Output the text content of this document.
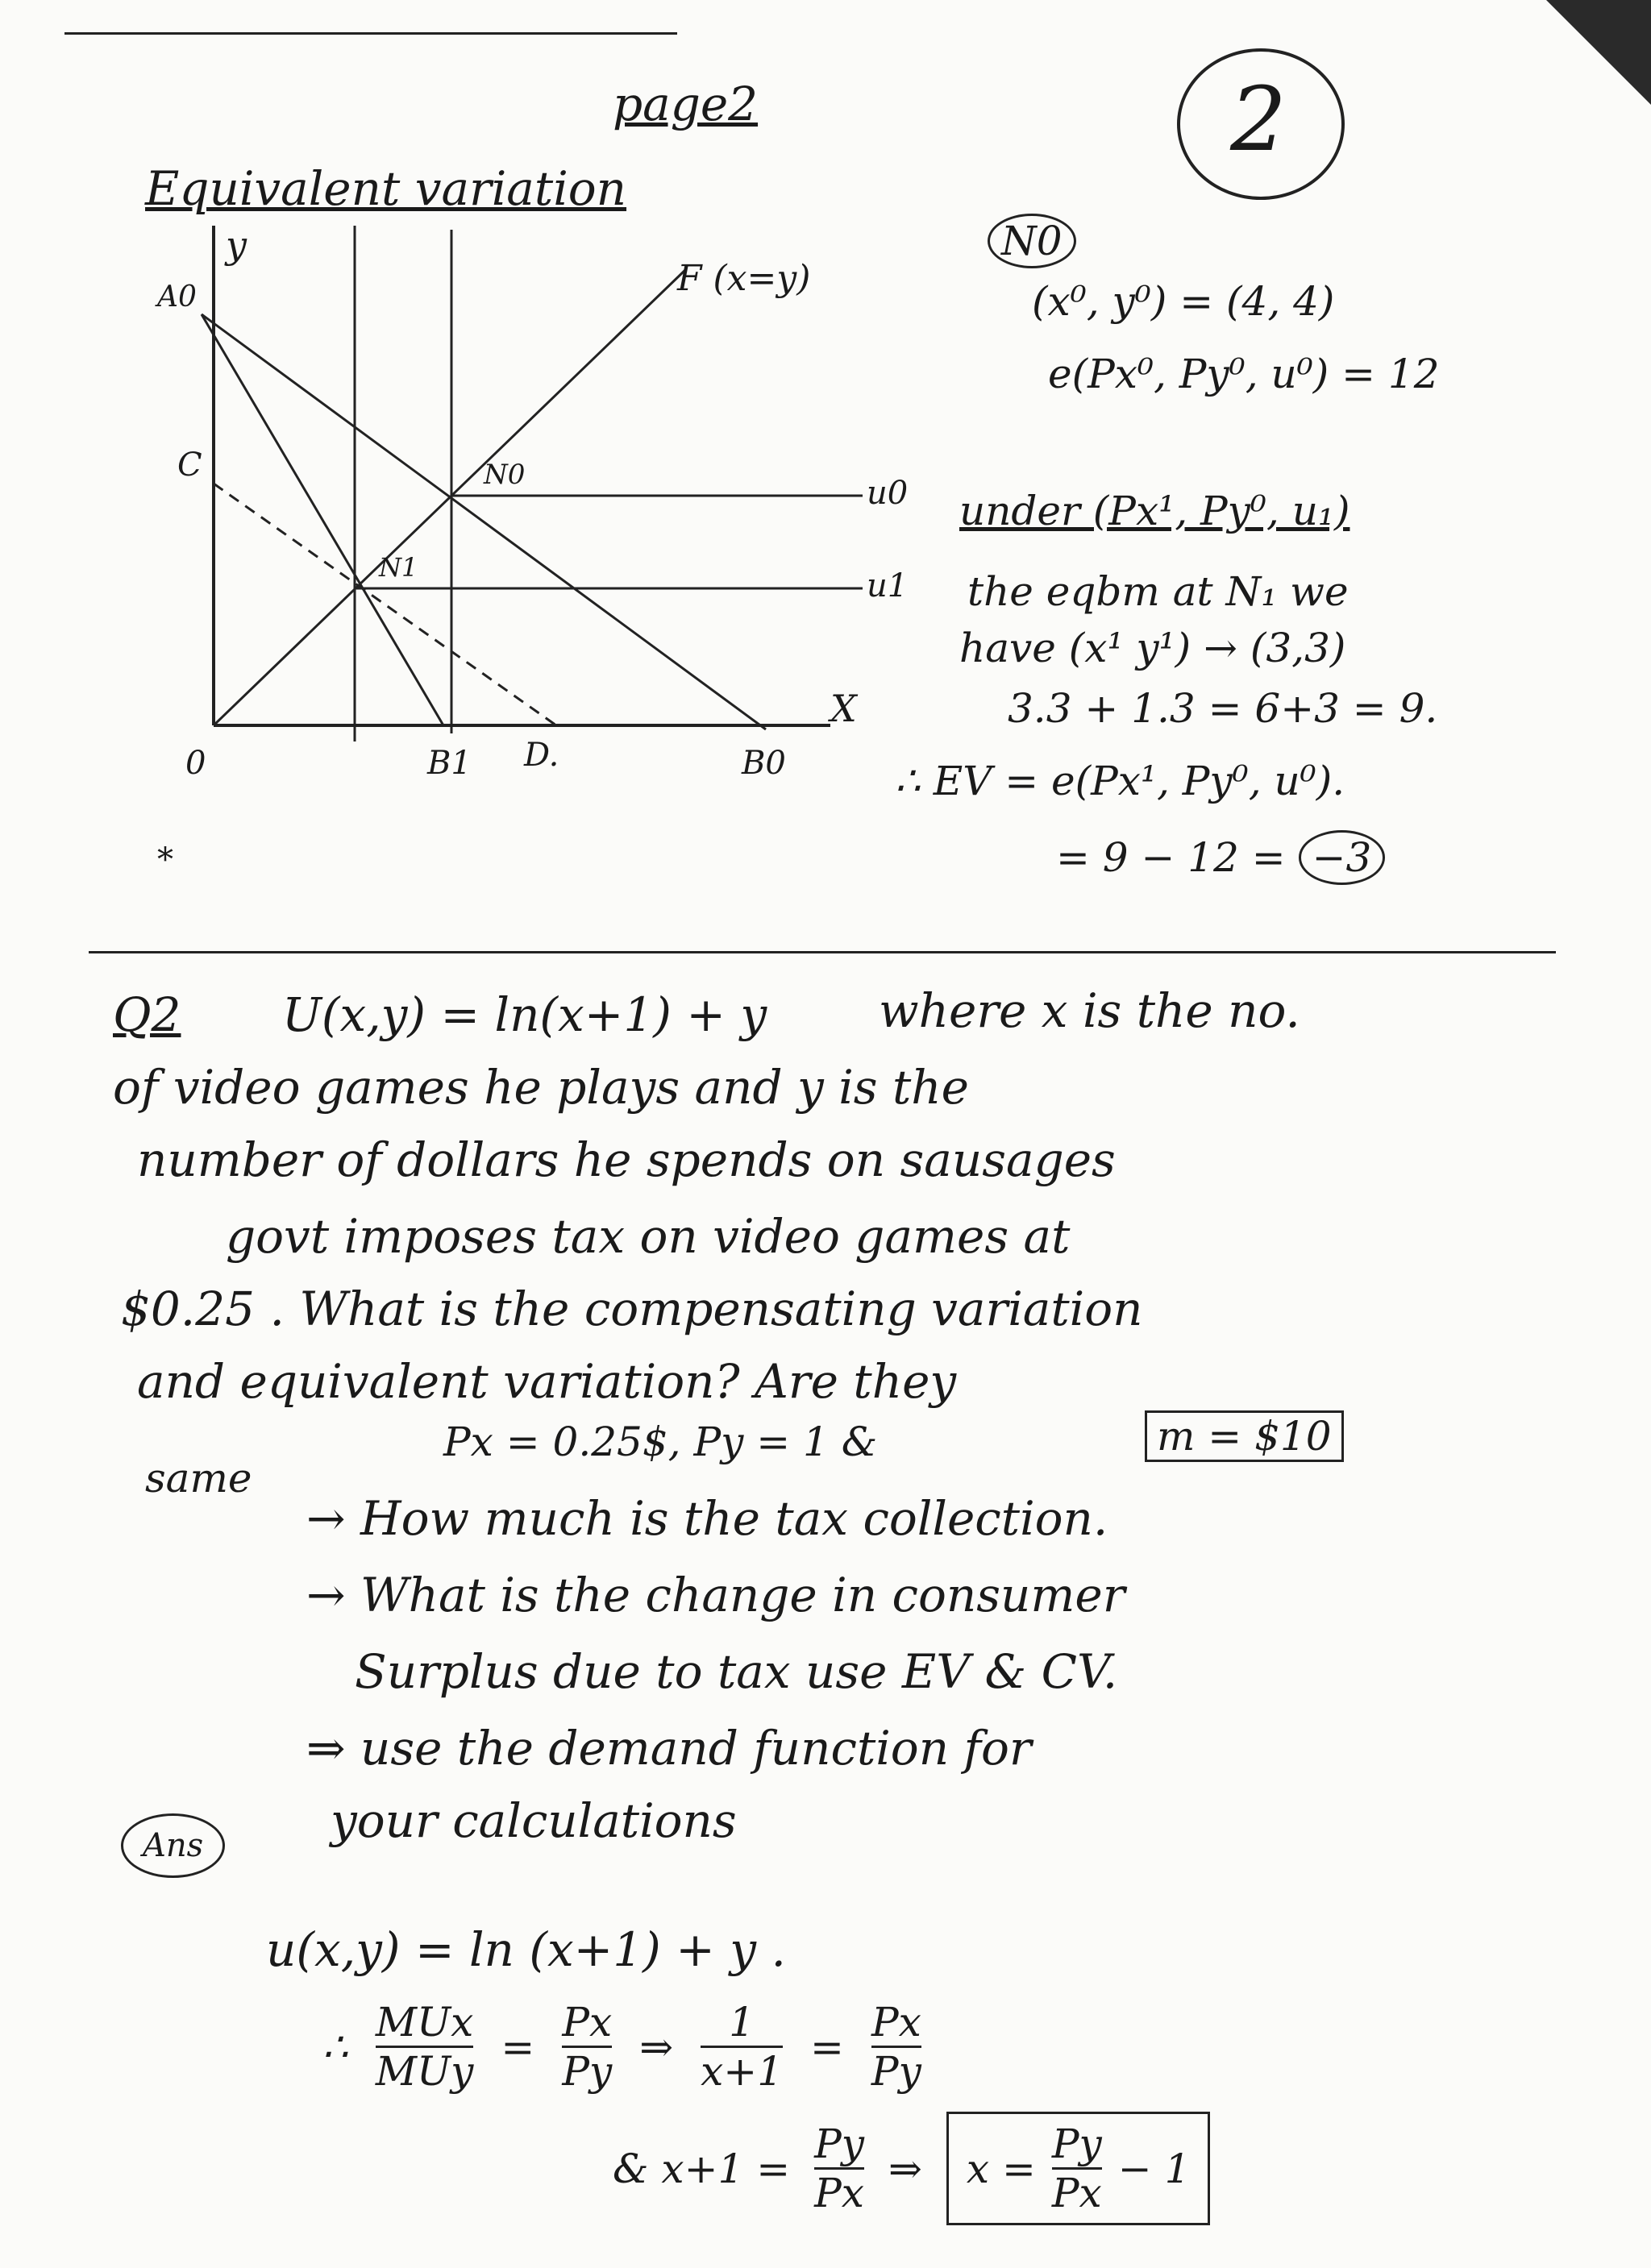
page2	2
Equivalent variation
y
X
F (x=y)
A0
C	N0
N1
u0
u1
0	B1 D.	B0
*
N0
(x⁰, y⁰) = (4, 4)
e(Px⁰, Py⁰, u⁰) = 12
under (Px¹, Py⁰, u₁)
the eqbm at N₁ we
have (x¹ y¹) → (3,3)
3.3 + 1.3 = 6+3 = 9.
∴ EV = e(Px¹, Py⁰, u⁰).
= 9 − 12 = −3
Q2 U(x,y) = ln(x+1) + y where x is the no.
of video games he plays and y is the
number of dollars he spends on sausages
govt imposes tax on video games at
$0.25 . What is the compensating variation
and equivalent variation? Are they
same
Px = 0.25$, Py = 1 &	m = $10
→ How much is the tax collection.
→ What is the change in consumer
Surplus due to tax use EV & CV.
⇒ use the demand function for
your calculations
Ans
u(x,y) = ln (x+1) + y .
∴
MUx
MUy
=
Px
Py
⇒
1
x+1
=
Px
Py
& x+1 =
Py
Px
⇒ x =
Py
Px
− 1
